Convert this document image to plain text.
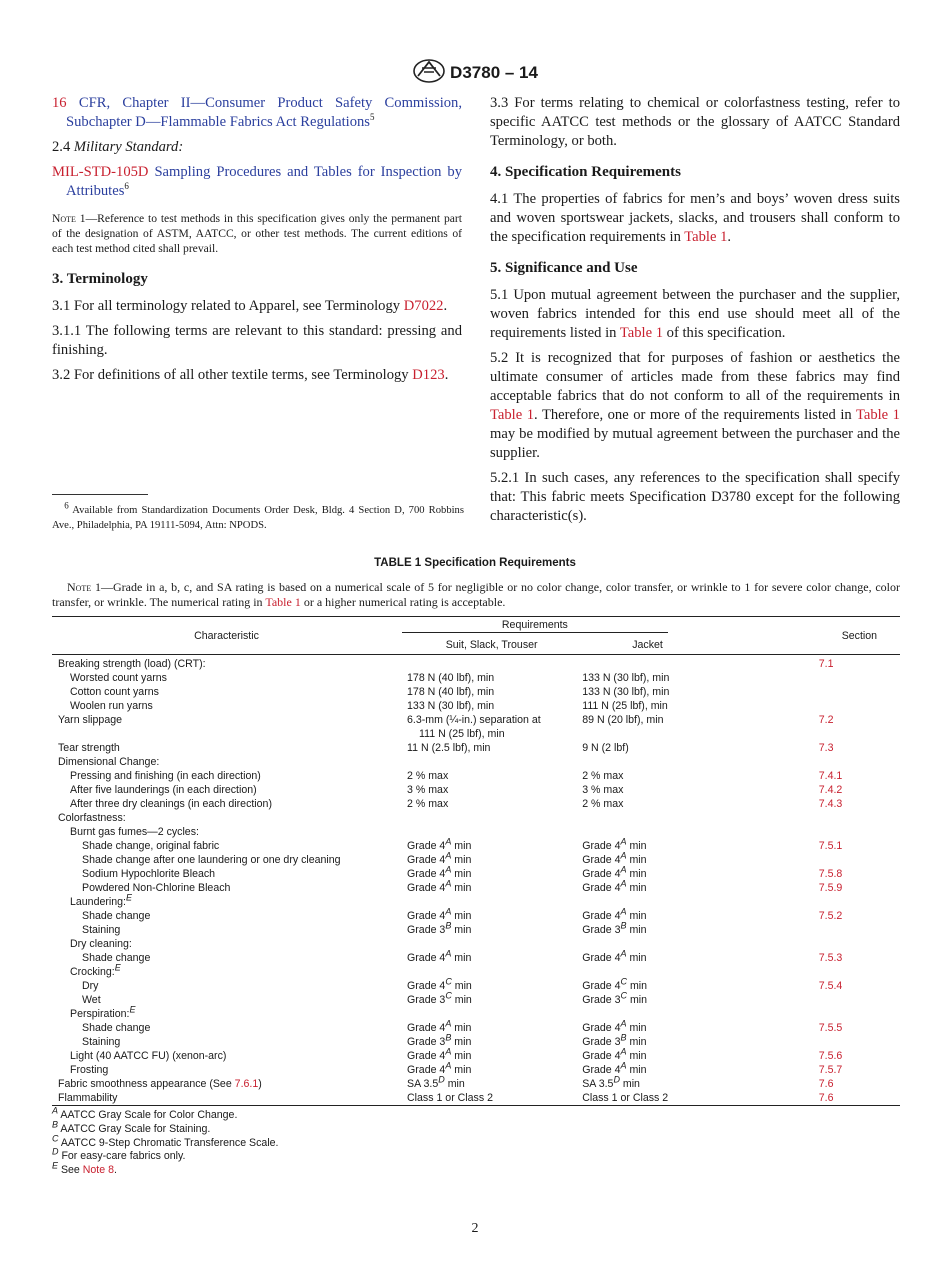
D3780 – 14

16 CFR, Chapter II—Consumer Product Safety Commission, Subchapter D—Flammable Fabrics Act Regulations$^5$

2.4 Military Standard:

MIL-STD-105D Sampling Procedures and Tables for Inspection by Attributes$^6$

Note 1—Reference to test methods in this specification gives only the permanent part of the designation of ASTM, AATCC, or other test methods. The current editions of each test method cited shall prevail.

3. Terminology

3.1 For all terminology related to Apparel, see Terminology D7022.

3.1.1 The following terms are relevant to this standard: pressing and finishing.

3.2 For definitions of all other textile terms, see Terminology D123.

3.3 For terms relating to chemical or colorfastness testing, refer to specific AATCC test methods or the glossary of AATCC Standard Terminology, or both.

4. Specification Requirements

4.1 The properties of fabrics for men’s and boys’ woven dress suits and woven sportswear jackets, slacks, and trousers shall conform to the specification requirements in Table 1.

5. Significance and Use

5.1 Upon mutual agreement between the purchaser and the supplier, woven fabrics intended for this end use should meet all of the requirements listed in Table 1 of this specification.

5.2 It is recognized that for purposes of fashion or aesthetics the ultimate consumer of articles made from these fabrics may find acceptable fabrics that do not conform to all of the requirements in Table 1. Therefore, one or more of the requirements listed in Table 1 may be modified by mutual agreement between the purchaser and the supplier.

5.2.1 In such cases, any references to the specification shall specify that: This fabric meets Specification D3780 except for the following characteristic(s).

$^6$ Available from Standardization Documents Order Desk, Bldg. 4 Section D, 700 Robbins Ave., Philadelphia, PA 19111-5094, Attn: NPODS.
TABLE 1 Specification Requirements
Note 1—Grade in a, b, c, and SA rating is based on a numerical scale of 5 for negligible or no color change, color transfer, or wrinkle to 1 for severe color change, color transfer, or wrinkle. The numerical rating in Table 1 or a higher numerical rating is acceptable.
Characteristic	Requirements		Section
	Suit, Slack, Trouser	Jacket	
Breaking strength (load) (CRT):			7.1
Worsted count yarns	178 N (40 lbf), min	133 N (30 lbf), min	
Cotton count yarns	178 N (40 lbf), min	133 N (30 lbf), min	
Woolen run yarns	133 N (30 lbf), min	111 N (25 lbf), min	
Yarn slippage	6.3-mm (¼-in.) separation at
111 N (25 lbf), min	89 N (20 lbf), min	7.2
Tear strength	11 N (2.5 lbf), min	9 N (2 lbf)	7.3
Dimensional Change:			
Pressing and finishing (in each direction)	2 % max	2 % max	7.4.1
After five launderings (in each direction)	3 % max	3 % max	7.4.2
After three dry cleanings (in each direction)	2 % max	2 % max	7.4.3
Colorfastness:			
Burnt gas fumes—2 cycles:			
Shade change, original fabric	Grade $4^A$ min	Grade $4^A$ min	7.5.1
Shade change after one laundering or one dry cleaning	Grade $4^A$ min	Grade $4^A$ min	
Sodium Hypochlorite Bleach	Grade $4^A$ min	Grade $4^A$ min	7.5.8
Powdered Non-Chlorine Bleach	Grade $4^A$ min	Grade $4^A$ min	7.5.9
Laundering:$^E$			
Shade change	Grade $4^A$ min	Grade $4^A$ min	7.5.2
Staining	Grade $3^B$ min	Grade $3^B$ min	
Dry cleaning:			
Shade change	Grade $4^A$ min	Grade $4^A$ min	7.5.3
Crocking:$^E$			
Dry	Grade $4^C$ min	Grade $4^C$ min	7.5.4
Wet	Grade $3^C$ min	Grade $3^C$ min	
Perspiration:$^E$			
Shade change	Grade $4^A$ min	Grade $4^A$ min	7.5.5
Staining	Grade $3^B$ min	Grade $3^B$ min	
Light (40 AATCC FU) (xenon-arc)	Grade $4^A$ min	Grade $4^A$ min	7.5.6
Frosting	Grade $4^A$ min	Grade $4^A$ min	7.5.7
Fabric smoothness appearance (See 7.6.1)	SA $3.5^D$ min	SA $3.5^D$ min	7.6
Flammability	Class 1 or Class 2	Class 1 or Class 2	7.6
$^A$ AATCC Gray Scale for Color Change.
$^B$ AATCC Gray Scale for Staining.
$^C$ AATCC 9-Step Chromatic Transference Scale.
$^D$ For easy-care fabrics only.
$^E$ See Note 8.
2
